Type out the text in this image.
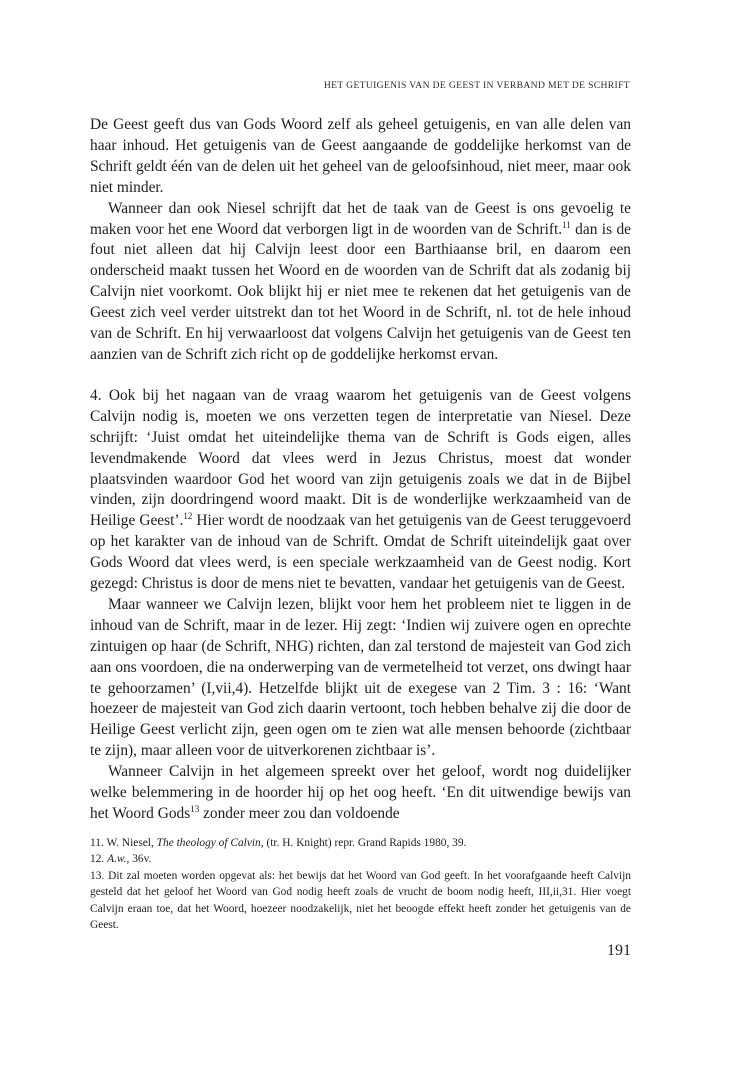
HET GETUIGENIS VAN DE GEEST IN VERBAND MET DE SCHRIFT

De Geest geeft dus van Gods Woord zelf als geheel getuigenis, en van alle delen van haar inhoud. Het getuigenis van de Geest aangaande de goddelijke herkomst van de Schrift geldt één van de delen uit het geheel van de geloofsinhoud, niet meer, maar ook niet minder.

Wanneer dan ook Niesel schrijft dat het de taak van de Geest is ons gevoelig te maken voor het ene Woord dat verborgen ligt in de woorden van de Schrift.$^{11}$ dan is de fout niet alleen dat hij Calvijn leest door een Barthiaanse bril, en daarom een onderscheid maakt tussen het Woord en de woorden van de Schrift dat als zodanig bij Calvijn niet voorkomt. Ook blijkt hij er niet mee te rekenen dat het getuigenis van de Geest zich veel verder uitstrekt dan tot het Woord in de Schrift, nl. tot de hele inhoud van de Schrift. En hij verwaarloost dat volgens Calvijn het getuigenis van de Geest ten aanzien van de Schrift zich richt op de goddelijke herkomst ervan.

4. Ook bij het nagaan van de vraag waarom het getuigenis van de Geest volgens Calvijn nodig is, moeten we ons verzetten tegen de interpretatie van Niesel. Deze schrijft: ‘Juist omdat het uiteindelijke thema van de Schrift is Gods eigen, alles levendmakende Woord dat vlees werd in Jezus Christus, moest dat wonder plaatsvinden waardoor God het woord van zijn getuigenis zoals we dat in de Bijbel vinden, zijn doordringend woord maakt. Dit is de wonderlijke werkzaamheid van de Heilige Geest’.$^{12}$ Hier wordt de noodzaak van het getuigenis van de Geest teruggevoerd op het karakter van de inhoud van de Schrift. Omdat de Schrift uiteindelijk gaat over Gods Woord dat vlees werd, is een speciale werkzaamheid van de Geest nodig. Kort gezegd: Christus is door de mens niet te bevatten, vandaar het getuigenis van de Geest.

Maar wanneer we Calvijn lezen, blijkt voor hem het probleem niet te liggen in de inhoud van de Schrift, maar in de lezer. Hij zegt: ‘Indien wij zuivere ogen en oprechte zintuigen op haar (de Schrift, NHG) richten, dan zal terstond de majesteit van God zich aan ons voordoen, die na onderwerping van de vermetelheid tot verzet, ons dwingt haar te gehoorzamen’ (I,vii,4). Hetzelfde blijkt uit de exegese van 2 Tim. 3 : 16: ‘Want hoezeer de majesteit van God zich daarin vertoont, toch hebben behalve zij die door de Heilige Geest verlicht zijn, geen ogen om te zien wat alle mensen behoorde (zichtbaar te zijn), maar alleen voor de uitverkorenen zichtbaar is’.

Wanneer Calvijn in het algemeen spreekt over het geloof, wordt nog duidelijker welke belemmering in de hoorder hij op het oog heeft. ‘En dit uitwendige bewijs van het Woord Gods$^{13}$ zonder meer zou dan voldoende

11. W. Niesel, The theology of Calvin, (tr. H. Knight) repr. Grand Rapids 1980, 39.

12. A.w., 36v.

13. Dit zal moeten worden opgevat als: het bewijs dat het Woord van God geeft. In het voorafgaande heeft Calvijn gesteld dat het geloof het Woord van God nodig heeft zoals de vrucht de boom nodig heeft, III,ii,31. Hier voegt Calvijn eraan toe, dat het Woord, hoezeer noodzakelijk, niet het beoogde effekt heeft zonder het getuigenis van de Geest.

191
